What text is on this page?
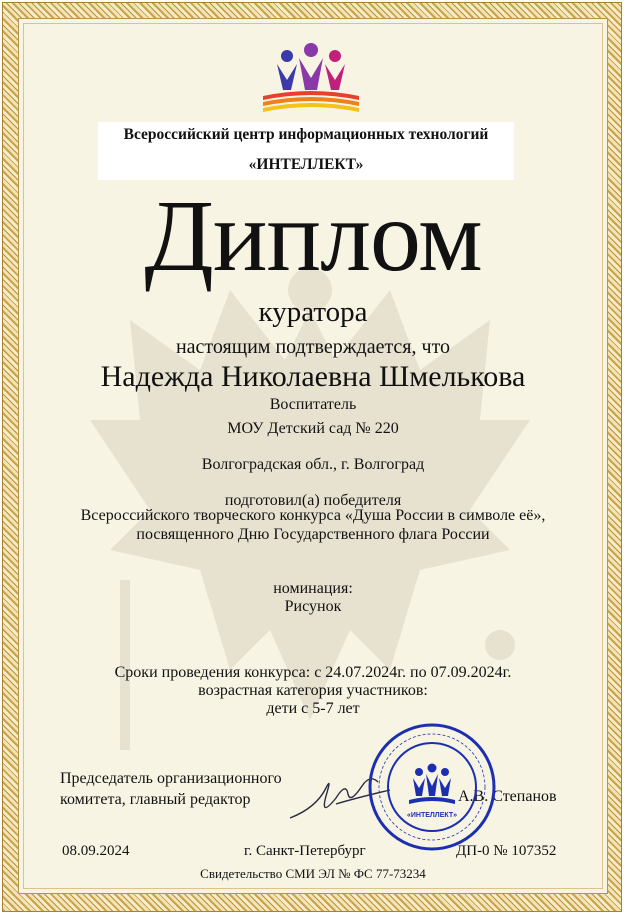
Всероссийский центр информационных технологий
«ИНТЕЛЛЕКТ»
Диплом
куратора
настоящим подтверждается, что
Надежда Николаевна Шмелькова
Воспитатель
МОУ Детский сад № 220
Волгоградская обл., г. Волгоград
подготовил(а) победителя
Всероссийского творческого конкурса «Душа России в символе её»,
посвященного Дню Государственного флага России
номинация:
Рисунок
Сроки проведения конкурса: с 24.07.2024г. по 07.09.2024г.
возрастная категория участников:
дети с 5-7 лет
Председатель организационного
комитета, главный редактор	А.В. Степанов
«ИНТЕЛЛЕКТ»
08.09.2024	г. Санкт-Петербург	ДП-0 № 107352
Свидетельство СМИ ЭЛ № ФС 77-73234
